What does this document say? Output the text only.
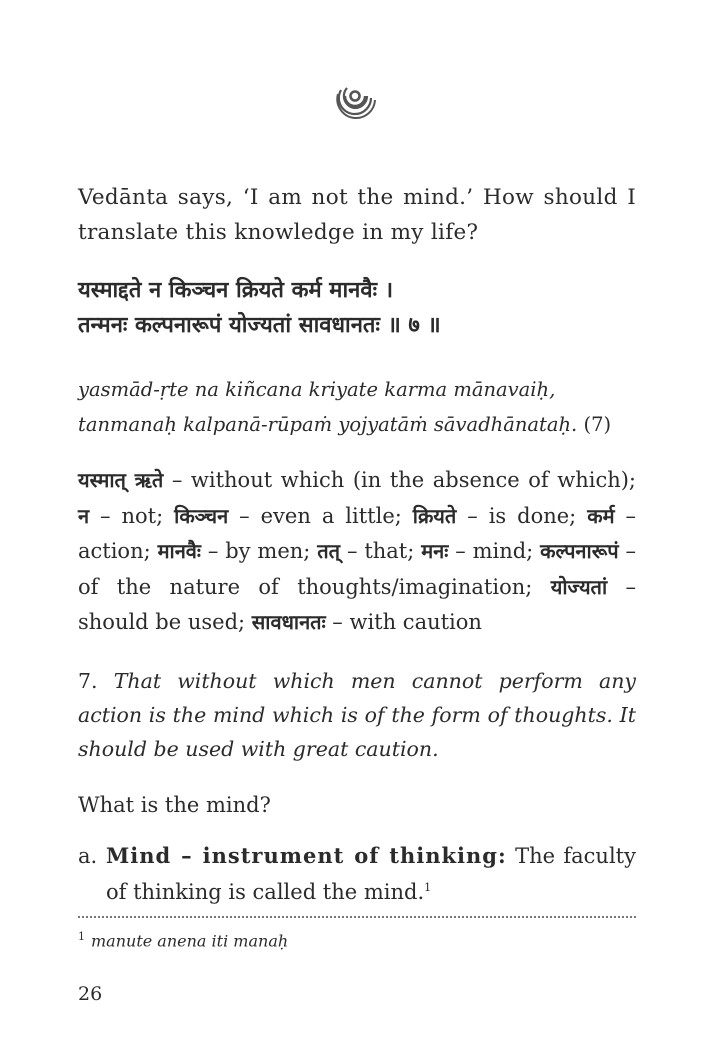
Vedānta says, ‘I am not the mind.’ How should I translate this knowledge in my life?
यस्माद्दते न किञ्चन क्रियते कर्म मानवैः ।
तन्मनः कल्पनारूपं योज्यतां सावधानतः ॥ ७ ॥
yasmād-ṛte na kiñcana kriyate karma mānavaiḥ,
tanmanaḥ kalpanā-rūpaṁ yojyatāṁ sāvadhānataḥ. (7)
यस्मात् ऋते – without which (in the absence of which); न – not; किञ्चन – even a little; क्रियते – is done; कर्म – action; मानवैः – by men; तत् – that; मनः – mind; कल्पनारूपं – of the nature of thoughts/imagination; योज्यतां – should be used; सावधानतः – with caution
7. That without which men cannot perform any action is the mind which is of the form of thoughts. It should be used with great caution.
What is the mind?
a. Mind – instrument of thinking: The faculty of thinking is called the mind.$^1$
$^1$ manute anena iti manaḥ
26
